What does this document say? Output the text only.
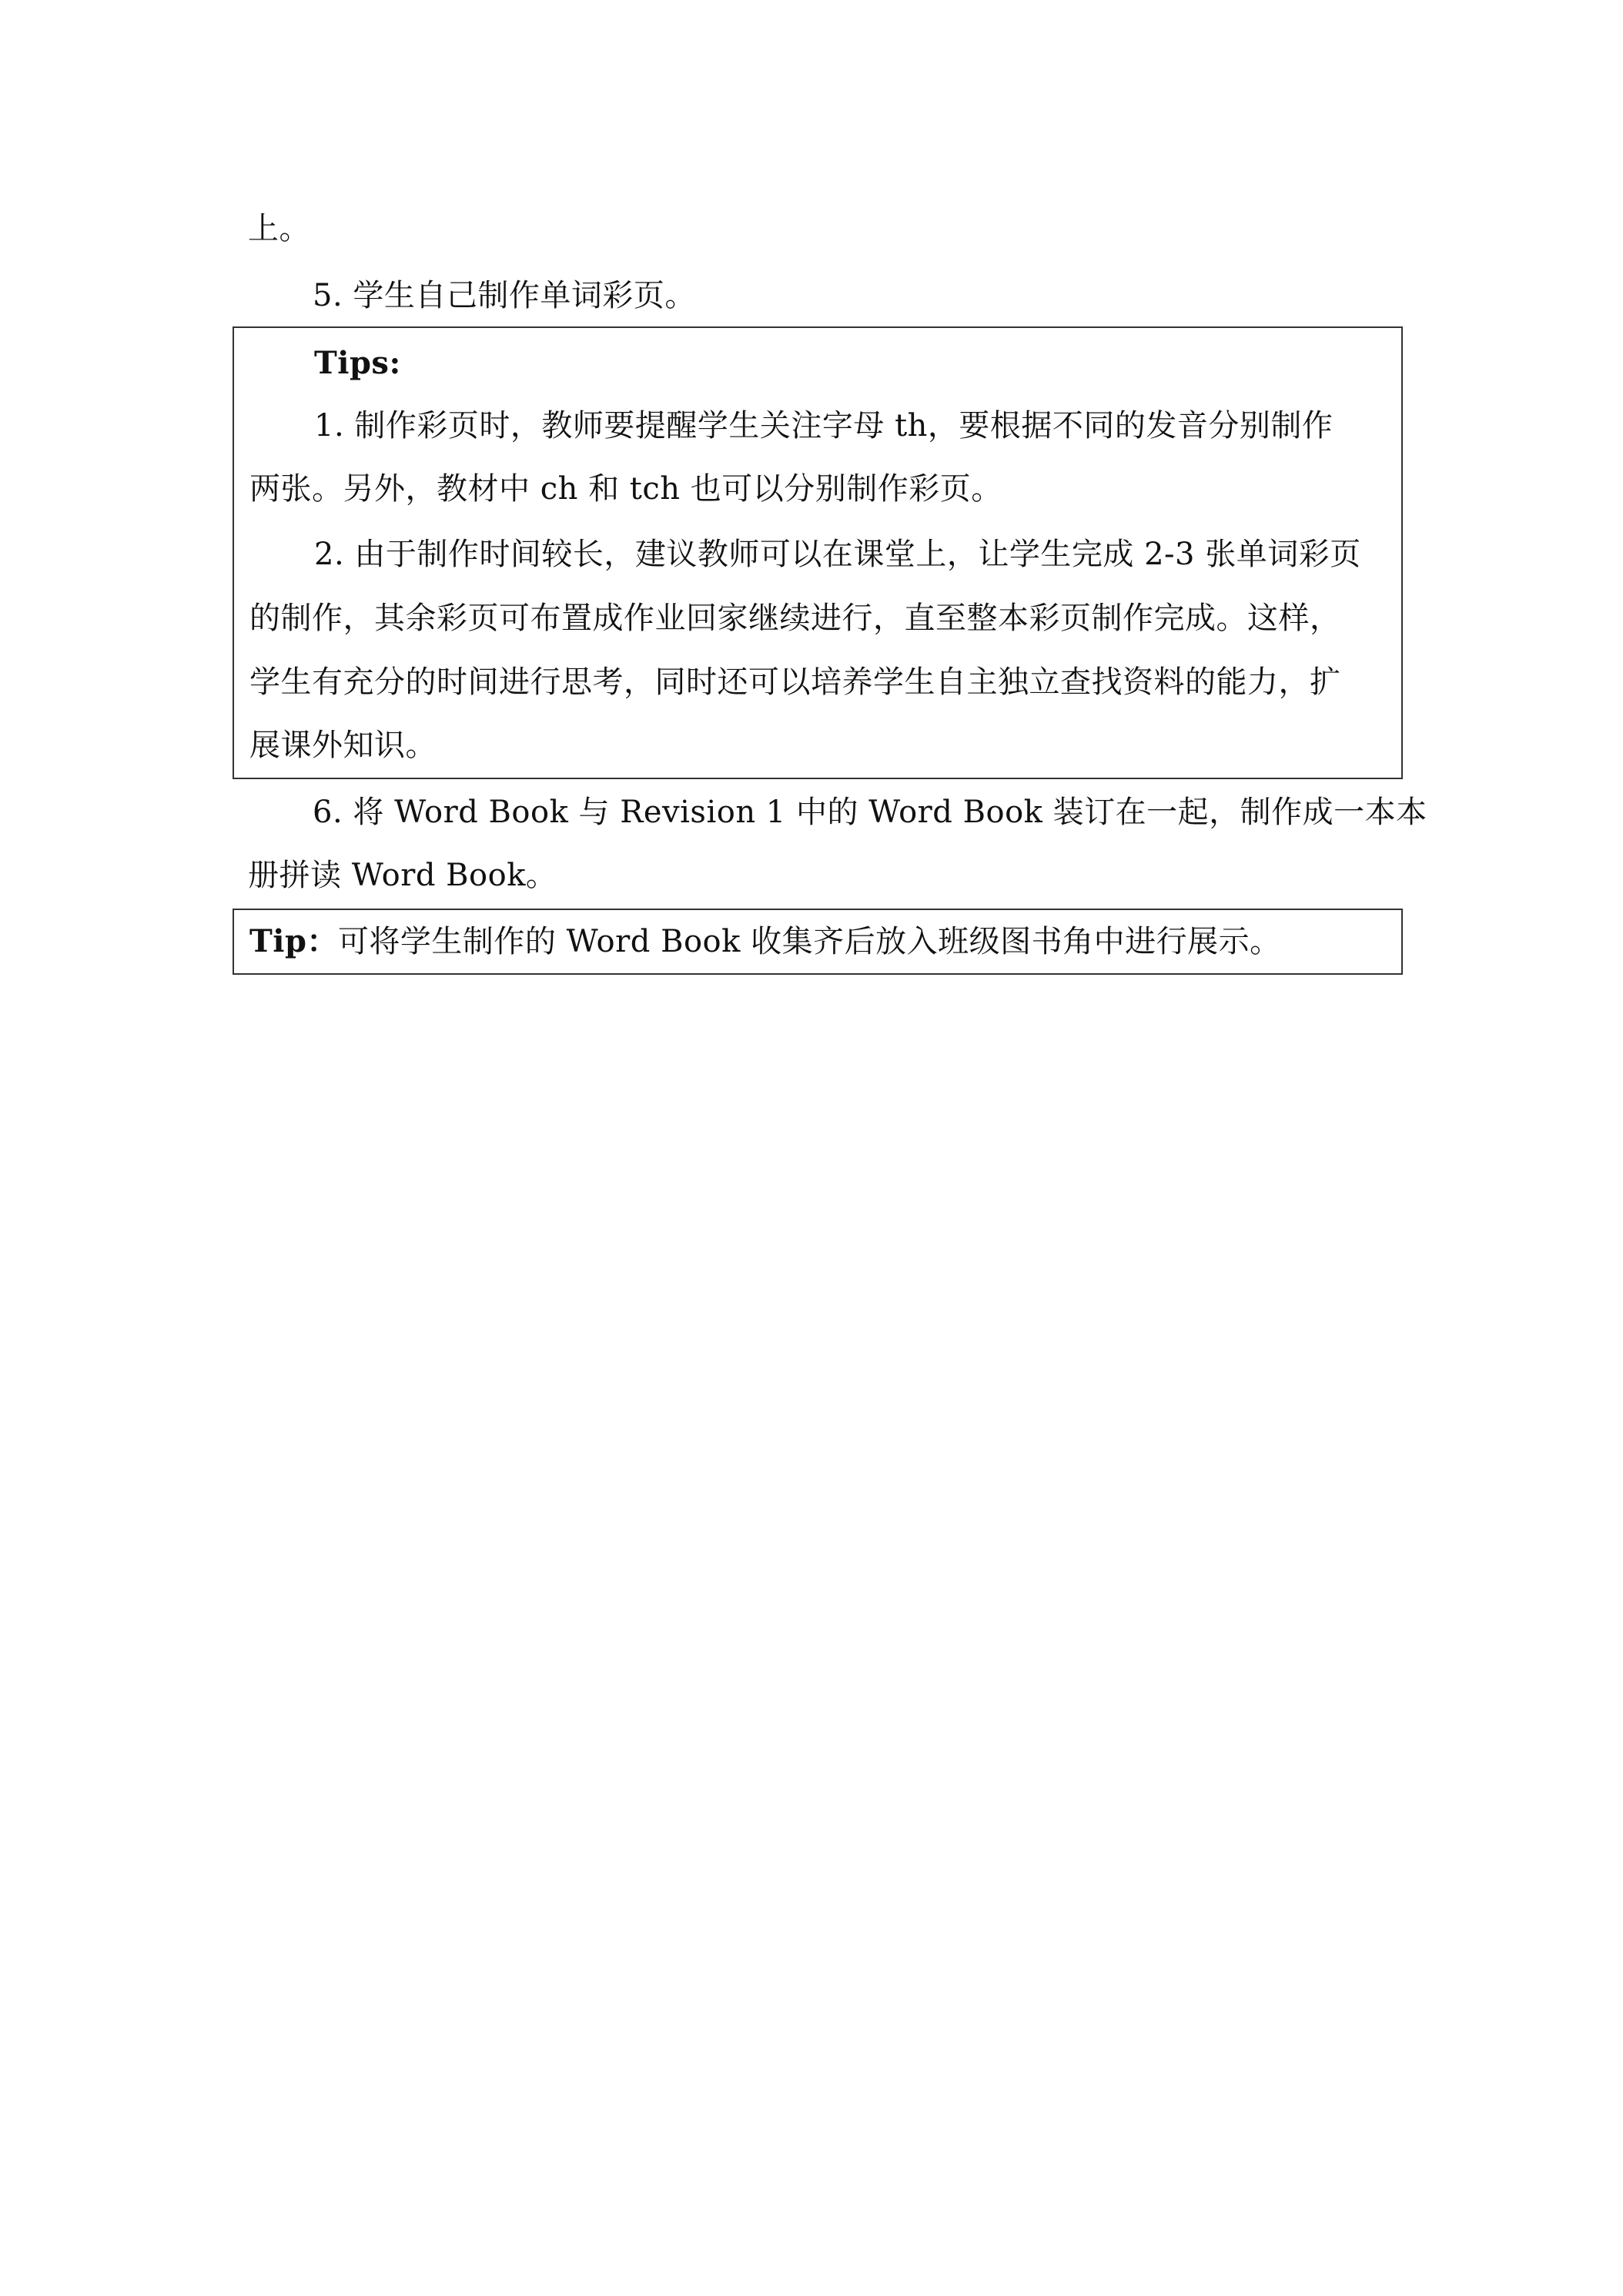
上。
5. 学生自己制作单词彩页。
Tips:
1. 制作彩页时，教师要提醒学生关注字母 th，要根据不同的发音分别制作
两张。另外，教材中 ch 和 tch 也可以分别制作彩页。
2. 由于制作时间较长，建议教师可以在课堂上，让学生完成 2-3 张单词彩页
的制作，其余彩页可布置成作业回家继续进行，直至整本彩页制作完成。这样，
学生有充分的时间进行思考，同时还可以培养学生自主独立查找资料的能力，扩
展课外知识。
6. 将 Word Book 与 Revision 1 中的 Word Book 装订在一起，制作成一本本
册拼读 Word Book。
Tip：可将学生制作的 Word Book 收集齐后放入班级图书角中进行展示。
